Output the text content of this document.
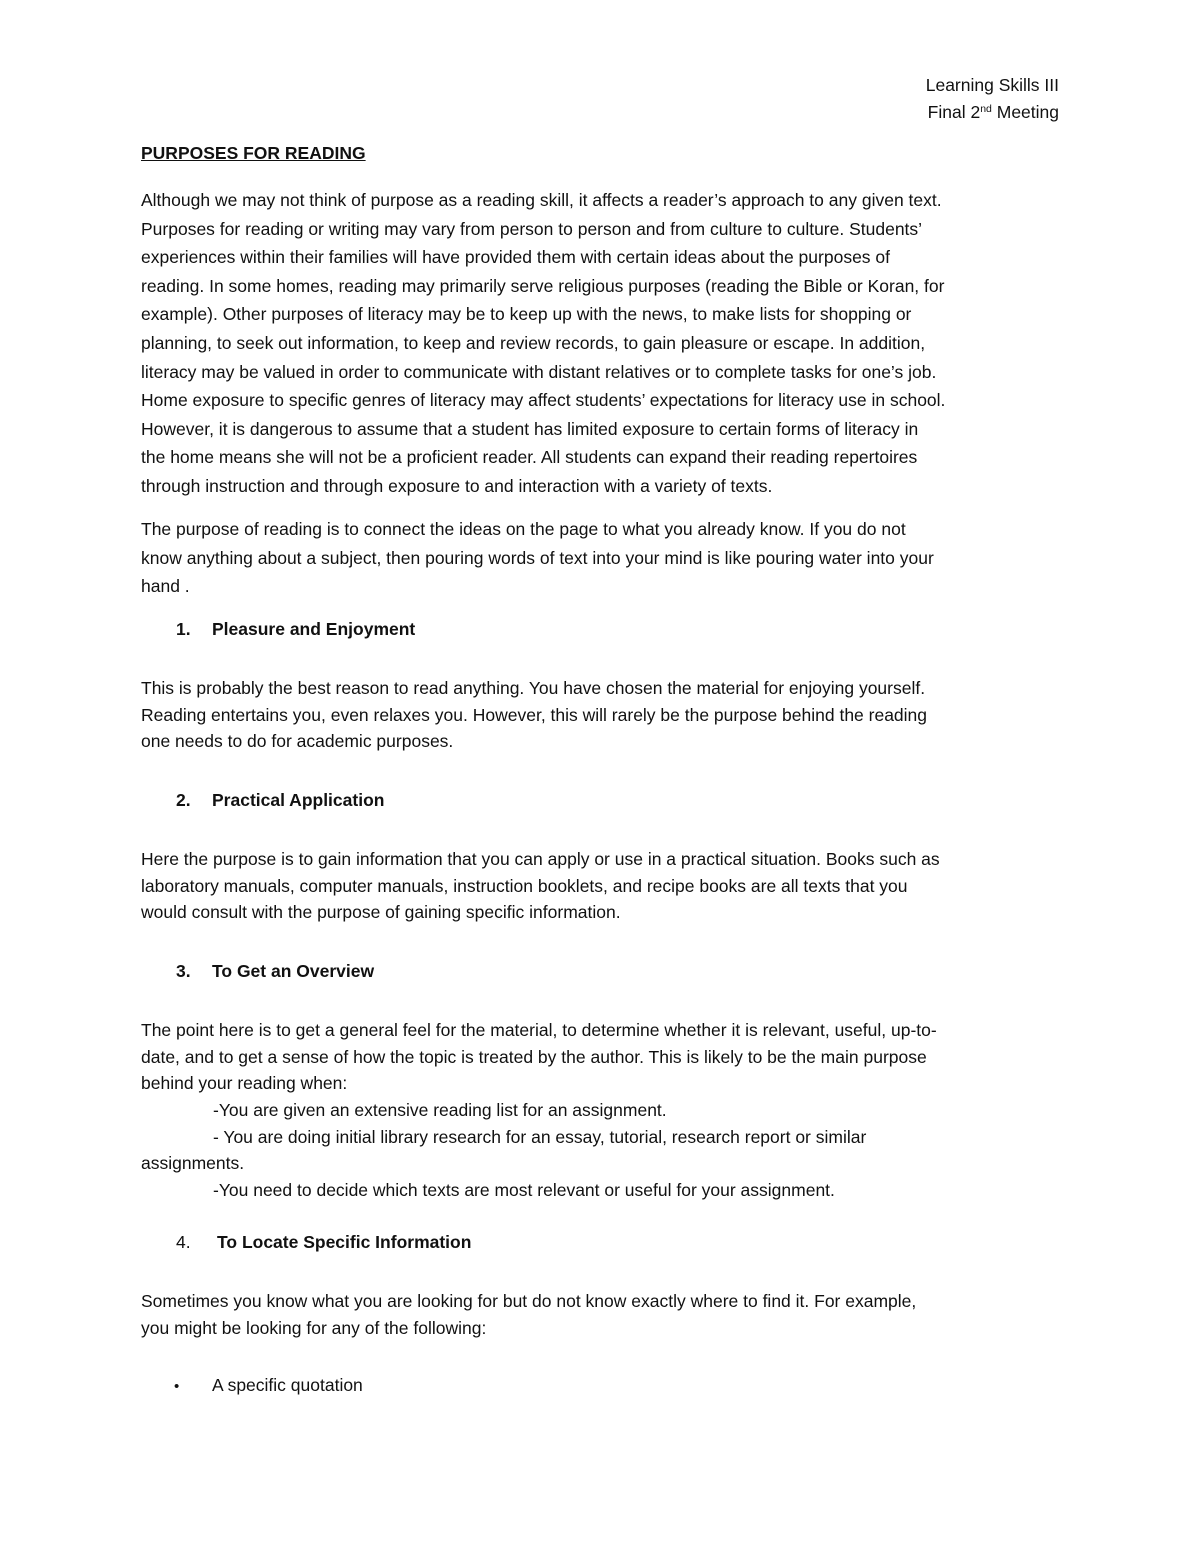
Learning Skills III
Final 2nd Meeting
PURPOSES FOR READING
Although we may not think of purpose as a reading skill, it affects a reader’s approach to any given text.
Purposes for reading or writing may vary from person to person and from culture to culture. Students’
experiences within their families will have provided them with certain ideas about the purposes of
reading. In some homes, reading may primarily serve religious purposes (reading the Bible or Koran, for
example). Other purposes of literacy may be to keep up with the news, to make lists for shopping or
planning, to seek out information, to keep and review records, to gain pleasure or escape. In addition,
literacy may be valued in order to communicate with distant relatives or to complete tasks for one’s job.
Home exposure to specific genres of literacy may affect students’ expectations for literacy use in school.
However, it is dangerous to assume that a student has limited exposure to certain forms of literacy in
the home means she will not be a proficient reader. All students can expand their reading repertoires
through instruction and through exposure to and interaction with a variety of texts.
The purpose of reading is to connect the ideas on the page to what you already know. If you do not
know anything about a subject, then pouring words of text into your mind is like pouring water into your
hand .
1.	Pleasure and Enjoyment
This is probably the best reason to read anything. You have chosen the material for enjoying yourself.
Reading entertains you, even relaxes you. However, this will rarely be the purpose behind the reading
one needs to do for academic purposes.
2.	Practical Application
Here the purpose is to gain information that you can apply or use in a practical situation. Books such as
laboratory manuals, computer manuals, instruction booklets, and recipe books are all texts that you
would consult with the purpose of gaining specific information.
3.	To Get an Overview
The point here is to get a general feel for the material, to determine whether it is relevant, useful, up-to-
date, and to get a sense of how the topic is treated by the author. This is likely to be the main purpose
behind your reading when:
-You are given an extensive reading list for an assignment.
- You are doing initial library research for an essay, tutorial, research report or similar
assignments.
-You need to decide which texts are most relevant or useful for your assignment.
4.	To Locate Specific Information
Sometimes you know what you are looking for but do not know exactly where to find it. For example,
you might be looking for any of the following:
•	A specific quotation
